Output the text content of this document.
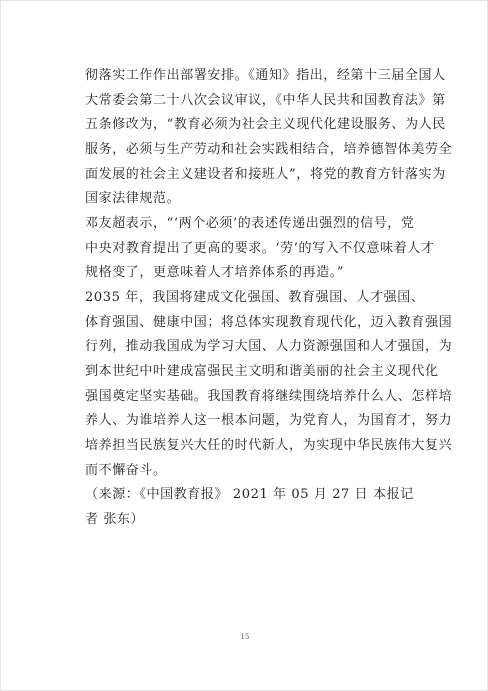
彻落实工作作出部署安排。《通知》指出，经第十三届全国人
大常委会第二十八次会议审议，《中华人民共和国教育法》第
五条修改为，“教育必须为社会主义现代化建设服务、为人民
服务，必须与生产劳动和社会实践相结合，培养德智体美劳全
面发展的社会主义建设者和接班人”，将党的教育方针落实为
国家法律规范。
邓友超表示，“‘两个必须’的表述传递出强烈的信号，党
中央对教育提出了更高的要求。‘劳’的写入不仅意味着人才
规格变了，更意味着人才培养体系的再造。”
2035 年，我国将建成文化强国、教育强国、人才强国、
体育强国、健康中国；将总体实现教育现代化，迈入教育强国
行列，推动我国成为学习大国、人力资源强国和人才强国，为
到本世纪中叶建成富强民主文明和谐美丽的社会主义现代化
强国奠定坚实基础。我国教育将继续围绕培养什么人、怎样培
养人、为谁培养人这一根本问题，为党育人，为国育才，努力
培养担当民族复兴大任的时代新人，为实现中华民族伟大复兴
而不懈奋斗。
（来源：《中国教育报》 2021 年 05 月 27 日 本报记
者 张东）
15
